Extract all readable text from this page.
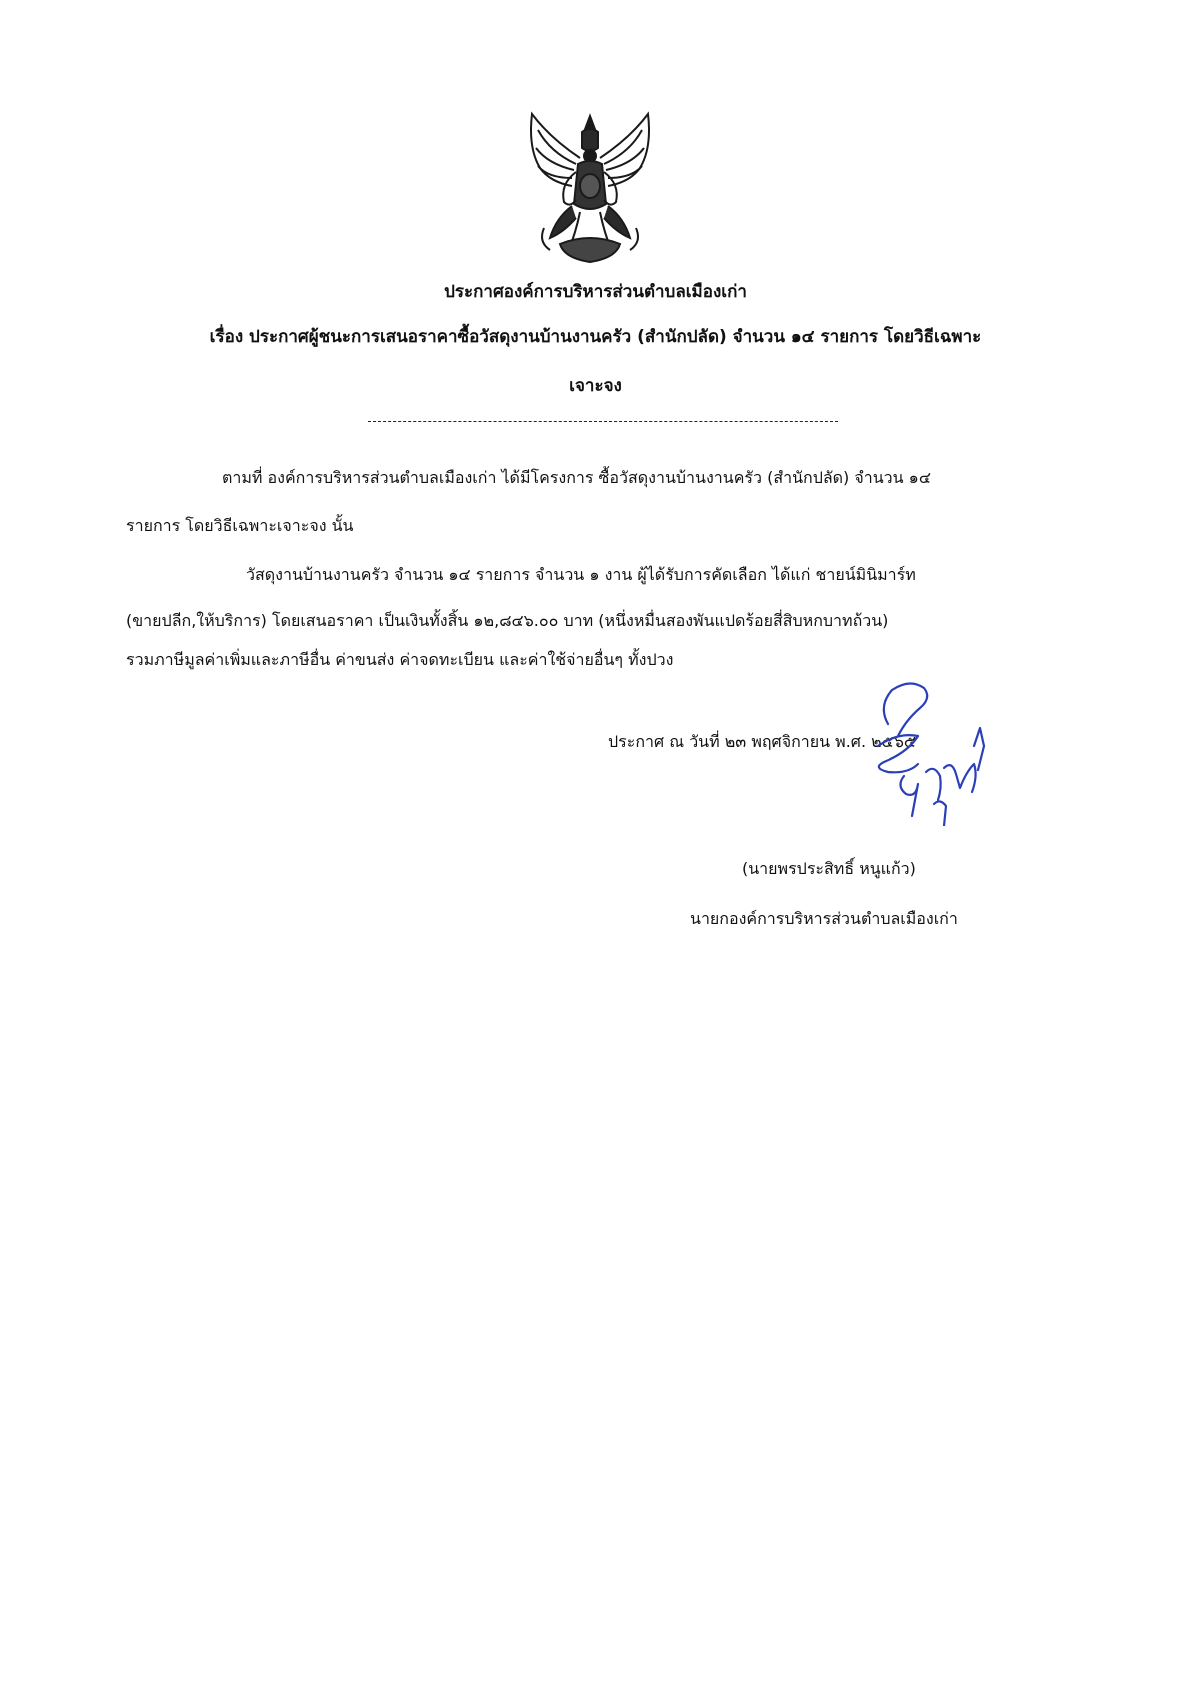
ประกาศองค์การบริหารส่วนตำบลเมืองเก่า
เรื่อง ประกาศผู้ชนะการเสนอราคาซื้อวัสดุงานบ้านงานครัว (สำนักปลัด) จำนวน ๑๔ รายการ โดยวิธีเฉพาะ
เจาะจง
ตามที่ องค์การบริหารส่วนตำบลเมืองเก่า ได้มีโครงการ ซื้อวัสดุงานบ้านงานครัว (สำนักปลัด) จำนวน ๑๔
รายการ โดยวิธีเฉพาะเจาะจง นั้น
วัสดุงานบ้านงานครัว จำนวน ๑๔ รายการ จำนวน ๑ งาน ผู้ได้รับการคัดเลือก ได้แก่ ชายน์มินิมาร์ท
(ขายปลีก,ให้บริการ) โดยเสนอราคา เป็นเงินทั้งสิ้น ๑๒,๘๔๖.๐๐ บาท (หนึ่งหมื่นสองพันแปดร้อยสี่สิบหกบาทถ้วน)
รวมภาษีมูลค่าเพิ่มและภาษีอื่น ค่าขนส่ง ค่าจดทะเบียน และค่าใช้จ่ายอื่นๆ ทั้งปวง
ประกาศ ณ วันที่ ๒๓ พฤศจิกายน พ.ศ. ๒๕๖๕
(นายพรประสิทธิ์ หนูแก้ว)
นายกองค์การบริหารส่วนตำบลเมืองเก่า
